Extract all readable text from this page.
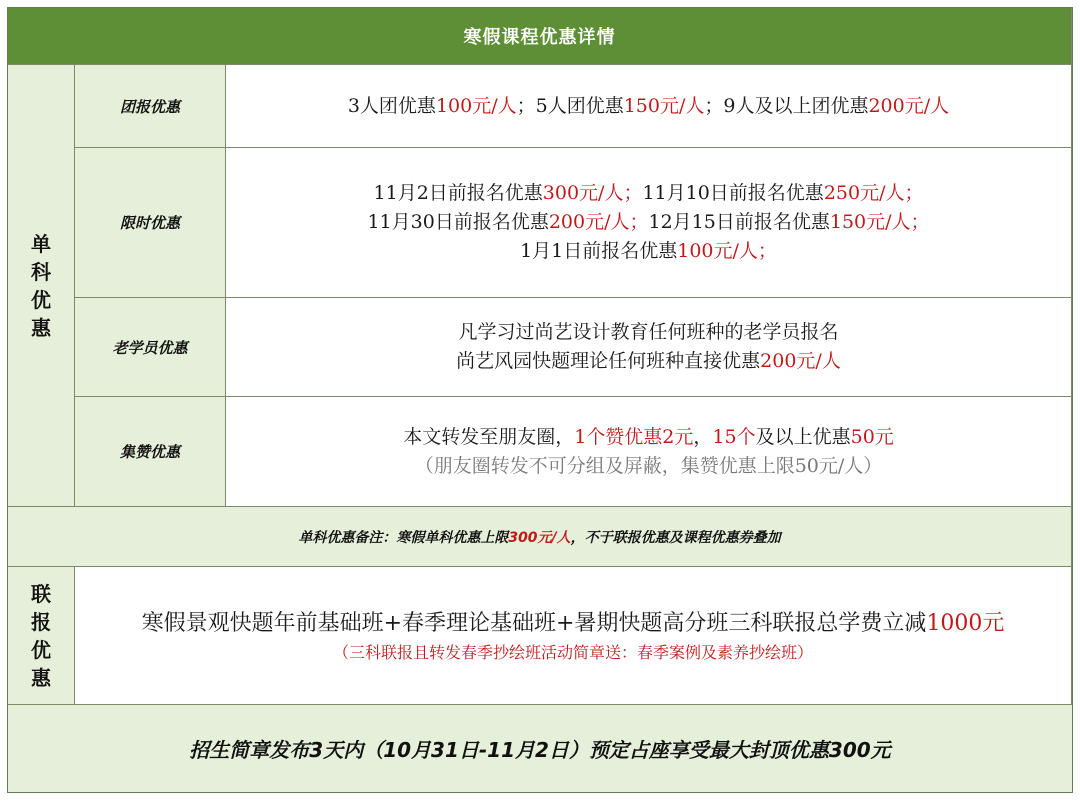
寒假课程优惠详情
单
科
优
惠
团报优惠
限时优惠
老学员优惠
集赞优惠
3人团优惠100元/人；5人团优惠150元/人；9人及以上团优惠200元/人
11月2日前报名优惠300元/人；11月10日前报名优惠250元/人；
11月30日前报名优惠200元/人；12月15日前报名优惠150元/人；
1月1日前报名优惠100元/人；
凡学习过尚艺设计教育任何班种的老学员报名
尚艺风园快题理论任何班种直接优惠200元/人
本文转发至朋友圈，1个赞优惠2元，15个及以上优惠50元
（朋友圈转发不可分组及屏蔽，集赞优惠上限50元/人）
单科优惠备注：寒假单科优惠上限300元/人，不于联报优惠及课程优惠券叠加
联
报
优
惠
寒假景观快题年前基础班+春季理论基础班+暑期快题高分班三科联报总学费立减1000元
（三科联报且转发春季抄绘班活动简章送：春季案例及素养抄绘班）
招生简章发布3天内（10月31日-11月2日）预定占座享受最大封顶优惠300元
